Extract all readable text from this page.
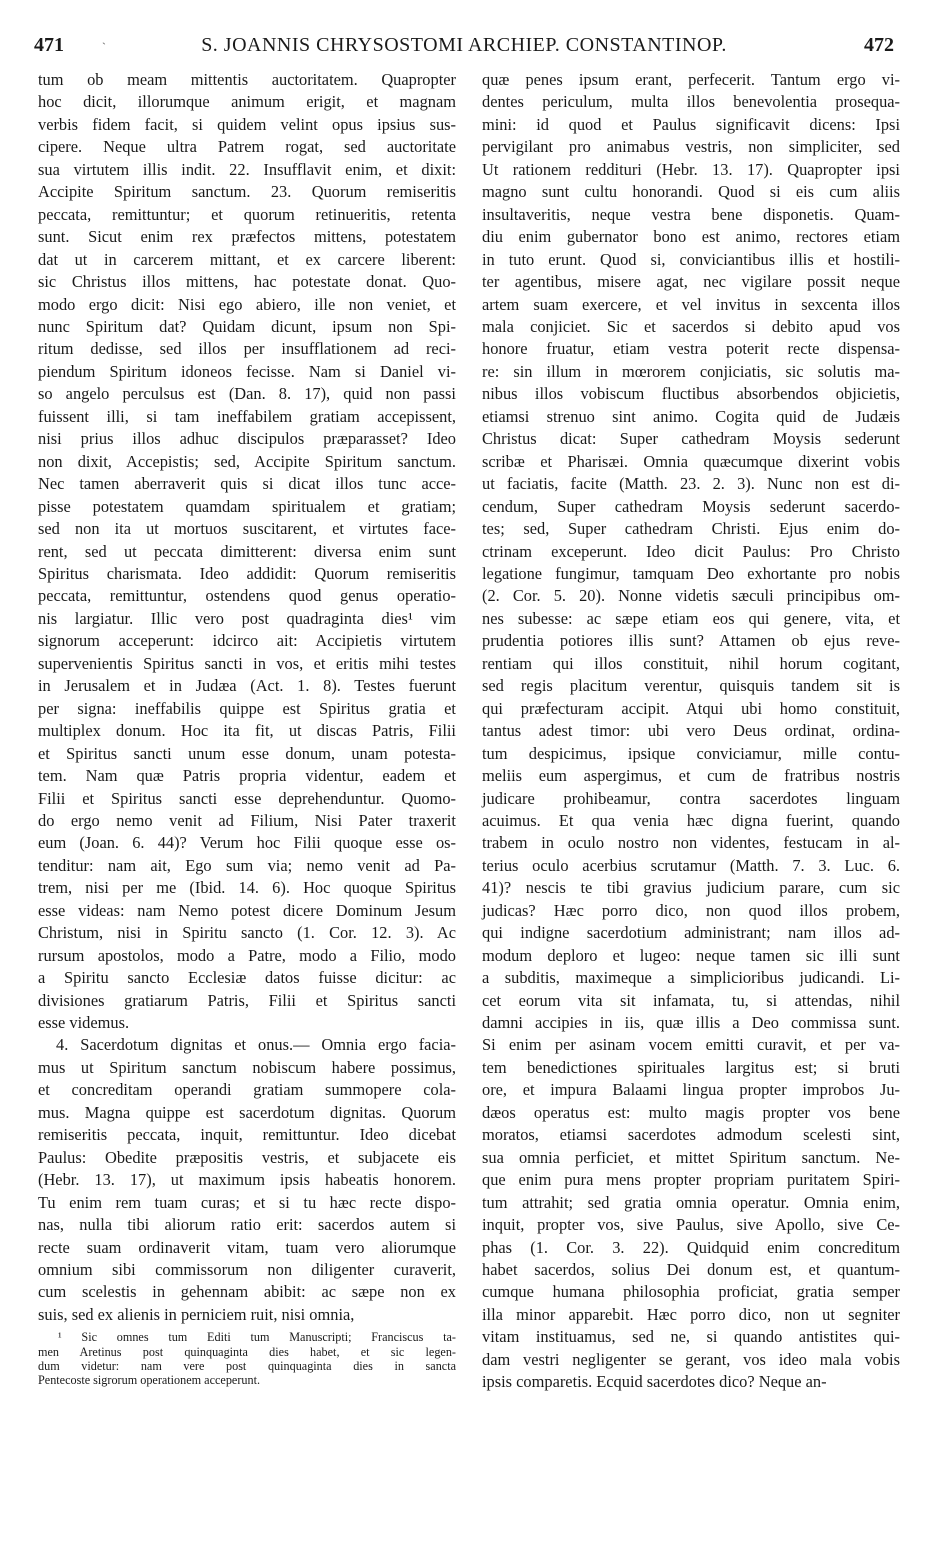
471	`	S. JOANNIS CHRYSOSTOMI ARCHIEP. CONSTANTINOP.	472
tum ob meam mittentis auctoritatem. Quapropter
hoc dicit, illorumque animum erigit, et magnam
verbis fidem facit, si quidem velint opus ipsius sus-
cipere. Neque ultra Patrem rogat, sed auctoritate
sua virtutem illis indit. 22. Insufflavit enim, et dixit:
Accipite Spiritum sanctum. 23. Quorum remiseritis
peccata, remittuntur; et quorum retinueritis, retenta
sunt. Sicut enim rex præfectos mittens, potestatem
dat ut in carcerem mittant, et ex carcere liberent:
sic Christus illos mittens, hac potestate donat. Quo-
modo ergo dicit: Nisi ego abiero, ille non veniet, et
nunc Spiritum dat? Quidam dicunt, ipsum non Spi-
ritum dedisse, sed illos per insufflationem ad reci-
piendum Spiritum idoneos fecisse. Nam si Daniel vi-
so angelo perculsus est (Dan. 8. 17), quid non passi
fuissent illi, si tam ineffabilem gratiam accepissent,
nisi prius illos adhuc discipulos præparasset? Ideo
non dixit, Accepistis; sed, Accipite Spiritum sanctum.
Nec tamen aberraverit quis si dicat illos tunc acce-
pisse potestatem quamdam spiritualem et gratiam;
sed non ita ut mortuos suscitarent, et virtutes face-
rent, sed ut peccata dimitterent: diversa enim sunt
Spiritus charismata. Ideo addidit: Quorum remiseritis
peccata, remittuntur, ostendens quod genus operatio-
nis largiatur. Illic vero post quadraginta dies¹ vim
signorum acceperunt: idcirco ait: Accipietis virtutem
supervenientis Spiritus sancti in vos, et eritis mihi testes
in Jerusalem et in Judæa (Act. 1. 8). Testes fuerunt
per signa: ineffabilis quippe est Spiritus gratia et
multiplex donum. Hoc ita fit, ut discas Patris, Filii
et Spiritus sancti unum esse donum, unam potesta-
tem. Nam quæ Patris propria videntur, eadem et
Filii et Spiritus sancti esse deprehenduntur. Quomo-
do ergo nemo venit ad Filium, Nisi Pater traxerit
eum (Joan. 6. 44)? Verum hoc Filii quoque esse os-
tenditur: nam ait, Ego sum via; nemo venit ad Pa-
trem, nisi per me (Ibid. 14. 6). Hoc quoque Spiritus
esse videas: nam Nemo potest dicere Dominum Jesum
Christum, nisi in Spiritu sancto (1. Cor. 12. 3). Ac
rursum apostolos, modo a Patre, modo a Filio, modo
a Spiritu sancto Ecclesiæ datos fuisse dicitur: ac
divisiones gratiarum Patris, Filii et Spiritus sancti
esse videmus.
4. Sacerdotum dignitas et onus.— Omnia ergo facia-
mus ut Spiritum sanctum nobiscum habere possimus,
et concreditam operandi gratiam summopere cola-
mus. Magna quippe est sacerdotum dignitas. Quorum
remiseritis peccata, inquit, remittuntur. Ideo dicebat
Paulus: Obedite præpositis vestris, et subjacete eis
(Hebr. 13. 17), ut maximum ipsis habeatis honorem.
Tu enim rem tuam curas; et si tu hæc recte dispo-
nas, nulla tibi aliorum ratio erit: sacerdos autem si
recte suam ordinaverit vitam, tuam vero aliorumque
omnium sibi commissorum non diligenter curaverit,
cum scelestis in gehennam abibit: ac sæpe non ex
suis, sed ex alienis in perniciem ruit, nisi omnia,
¹ Sic omnes tum Editi tum Manuscripti; Franciscus ta-
men Aretinus post quinquaginta dies habet, et sic legen-
dum videtur: nam vere post quinquaginta dies in sancta
Pentecoste sigrorum operationem acceperunt.
quæ penes ipsum erant, perfecerit. Tantum ergo vi-
dentes periculum, multa illos benevolentia prosequa-
mini: id quod et Paulus significavit dicens: Ipsi
pervigilant pro animabus vestris, non simpliciter, sed
Ut rationem reddituri (Hebr. 13. 17). Quapropter ipsi
magno sunt cultu honorandi. Quod si eis cum aliis
insultaveritis, neque vestra bene disponetis. Quam-
diu enim gubernator bono est animo, rectores etiam
in tuto erunt. Quod si, conviciantibus illis et hostili-
ter agentibus, misere agat, nec vigilare possit neque
artem suam exercere, et vel invitus in sexcenta illos
mala conjiciet. Sic et sacerdos si debito apud vos
honore fruatur, etiam vestra poterit recte dispensa-
re: sin illum in mœrorem conjiciatis, sic solutis ma-
nibus illos vobiscum fluctibus absorbendos objicietis,
etiamsi strenuo sint animo. Cogita quid de Judæis
Christus dicat: Super cathedram Moysis sederunt
scribæ et Pharisæi. Omnia quæcumque dixerint vobis
ut faciatis, facite (Matth. 23. 2. 3). Nunc non est di-
cendum, Super cathedram Moysis sederunt sacerdo-
tes; sed, Super cathedram Christi. Ejus enim do-
ctrinam exceperunt. Ideo dicit Paulus: Pro Christo
legatione fungimur, tamquam Deo exhortante pro nobis
(2. Cor. 5. 20). Nonne videtis sæculi principibus om-
nes subesse: ac sæpe etiam eos qui genere, vita, et
prudentia potiores illis sunt? Attamen ob ejus reve-
rentiam qui illos constituit, nihil horum cogitant,
sed regis placitum verentur, quisquis tandem sit is
qui præfecturam accipit. Atqui ubi homo constituit,
tantus adest timor: ubi vero Deus ordinat, ordina-
tum despicimus, ipsique conviciamur, mille contu-
meliis eum aspergimus, et cum de fratribus nostris
judicare prohibeamur, contra sacerdotes linguam
acuimus. Et qua venia hæc digna fuerint, quando
trabem in oculo nostro non videntes, festucam in al-
terius oculo acerbius scrutamur (Matth. 7. 3. Luc. 6.
41)? nescis te tibi gravius judicium parare, cum sic
judicas? Hæc porro dico, non quod illos probem,
qui indigne sacerdotium administrant; nam illos ad-
modum deploro et lugeo: neque tamen sic illi sunt
a subditis, maximeque a simplicioribus judicandi. Li-
cet eorum vita sit infamata, tu, si attendas, nihil
damni accipies in iis, quæ illis a Deo commissa sunt.
Si enim per asinam vocem emitti curavit, et per va-
tem benedictiones spirituales largitus est; si bruti
ore, et impura Balaami lingua propter improbos Ju-
dæos operatus est: multo magis propter vos bene
moratos, etiamsi sacerdotes admodum scelesti sint,
sua omnia perficiet, et mittet Spiritum sanctum. Ne-
que enim pura mens propter propriam puritatem Spiri-
tum attrahit; sed gratia omnia operatur. Omnia enim,
inquit, propter vos, sive Paulus, sive Apollo, sive Ce-
phas (1. Cor. 3. 22). Quidquid enim concreditum
habet sacerdos, solius Dei donum est, et quantum-
cumque humana philosophia proficiat, gratia semper
illa minor apparebit. Hæc porro dico, non ut segniter
vitam instituamus, sed ne, si quando antistites qui-
dam vestri negligenter se gerant, vos ideo mala vobis
ipsis comparetis. Ecquid sacerdotes dico? Neque an-
